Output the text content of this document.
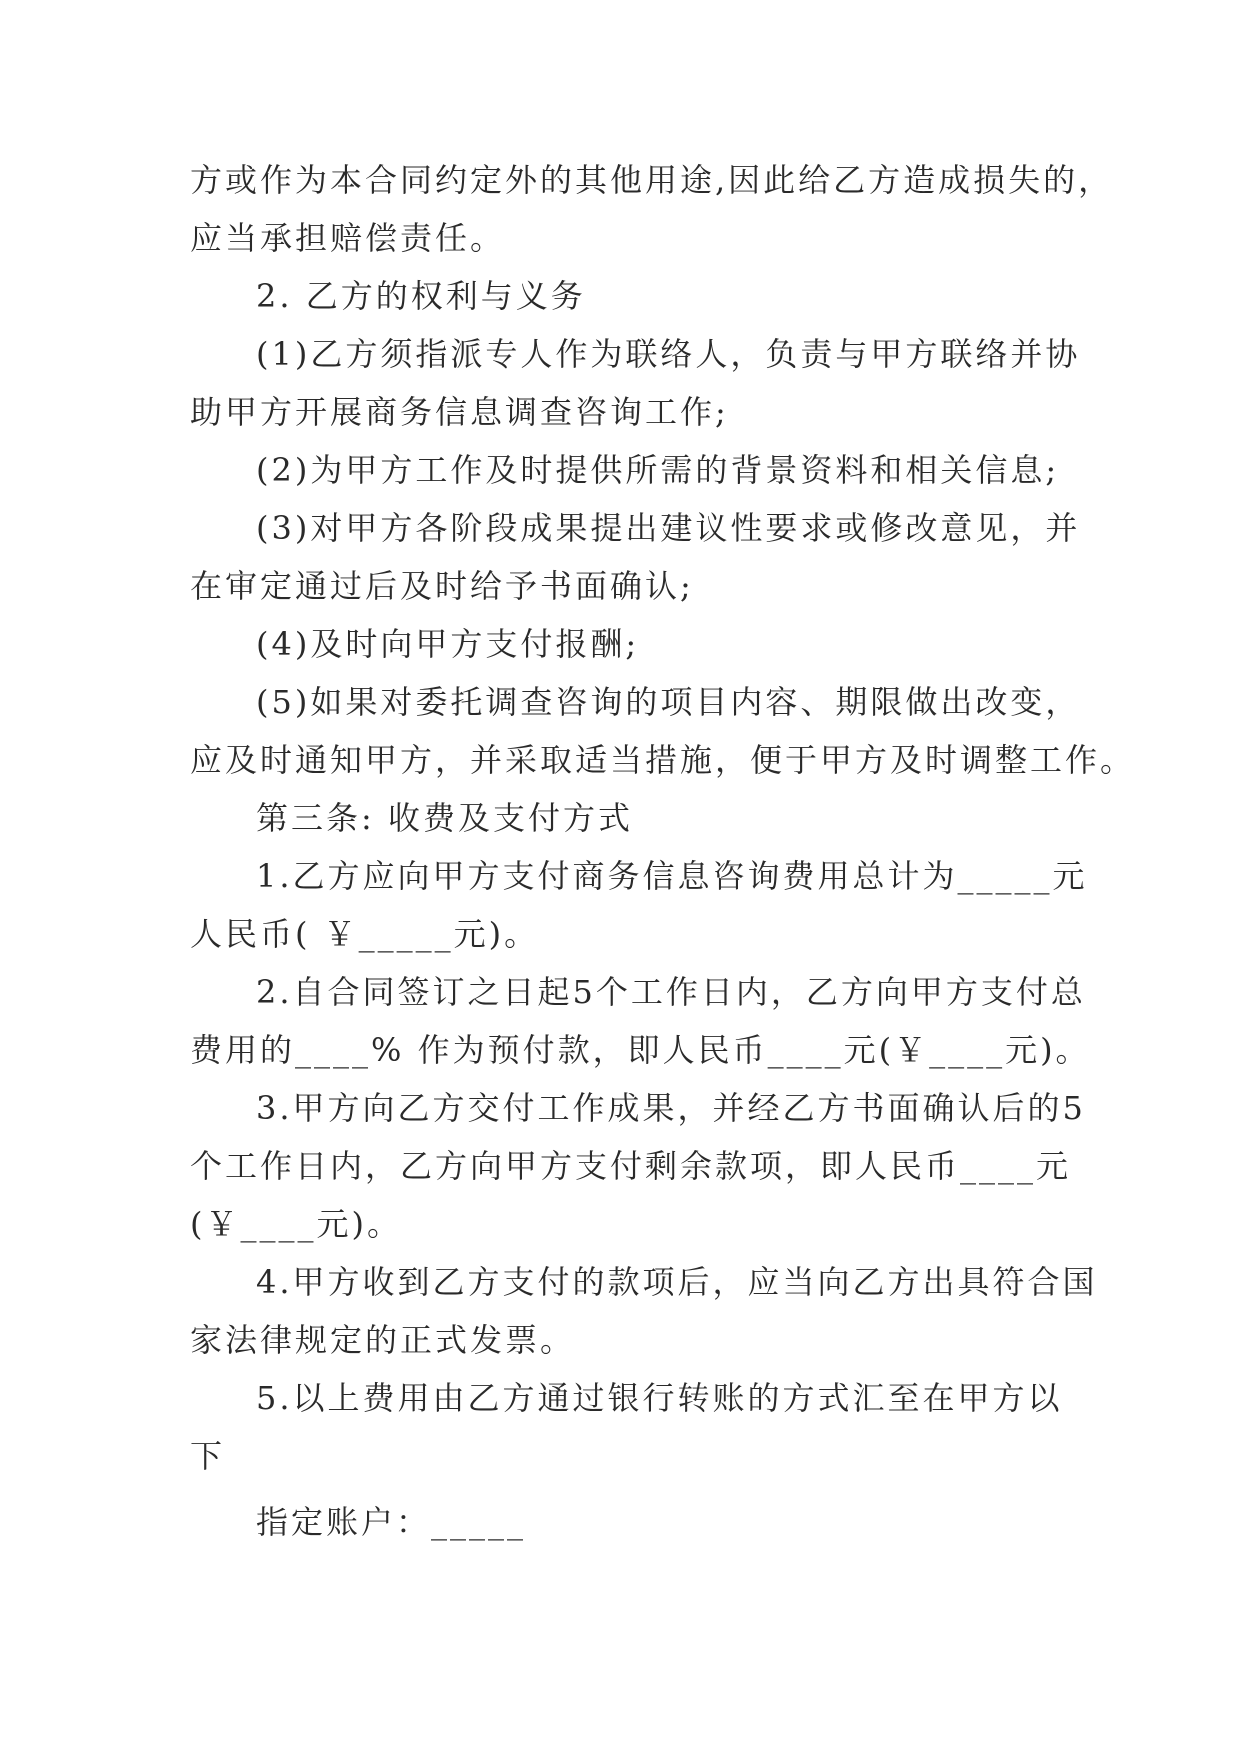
方或作为本合同约定外的其他用途,因此给乙方造成损失的，
应当承担赔偿责任。
2. 乙方的权利与义务
(1)乙方须指派专人作为联络人，负责与甲方联络并协
助甲方开展商务信息调查咨询工作;
(2)为甲方工作及时提供所需的背景资料和相关信息;
(3)对甲方各阶段成果提出建议性要求或修改意见，并
在审定通过后及时给予书面确认;
(4)及时向甲方支付报酬;
(5)如果对委托调查咨询的项目内容、期限做出改变，
应及时通知甲方，并采取适当措施，便于甲方及时调整工作。
第三条: 收费及支付方式
1.乙方应向甲方支付商务信息咨询费用总计为_____元
人民币( ￥_____元)。
2.自合同签订之日起5个工作日内，乙方向甲方支付总
费用的____% 作为预付款，即人民币____元(￥____元)。
3.甲方向乙方交付工作成果，并经乙方书面确认后的5
个工作日内，乙方向甲方支付剩余款项，即人民币____元
(￥____元)。
4.甲方收到乙方支付的款项后，应当向乙方出具符合国
家法律规定的正式发票。
5.以上费用由乙方通过银行转账的方式汇至在甲方以
下
指定账户：_____
